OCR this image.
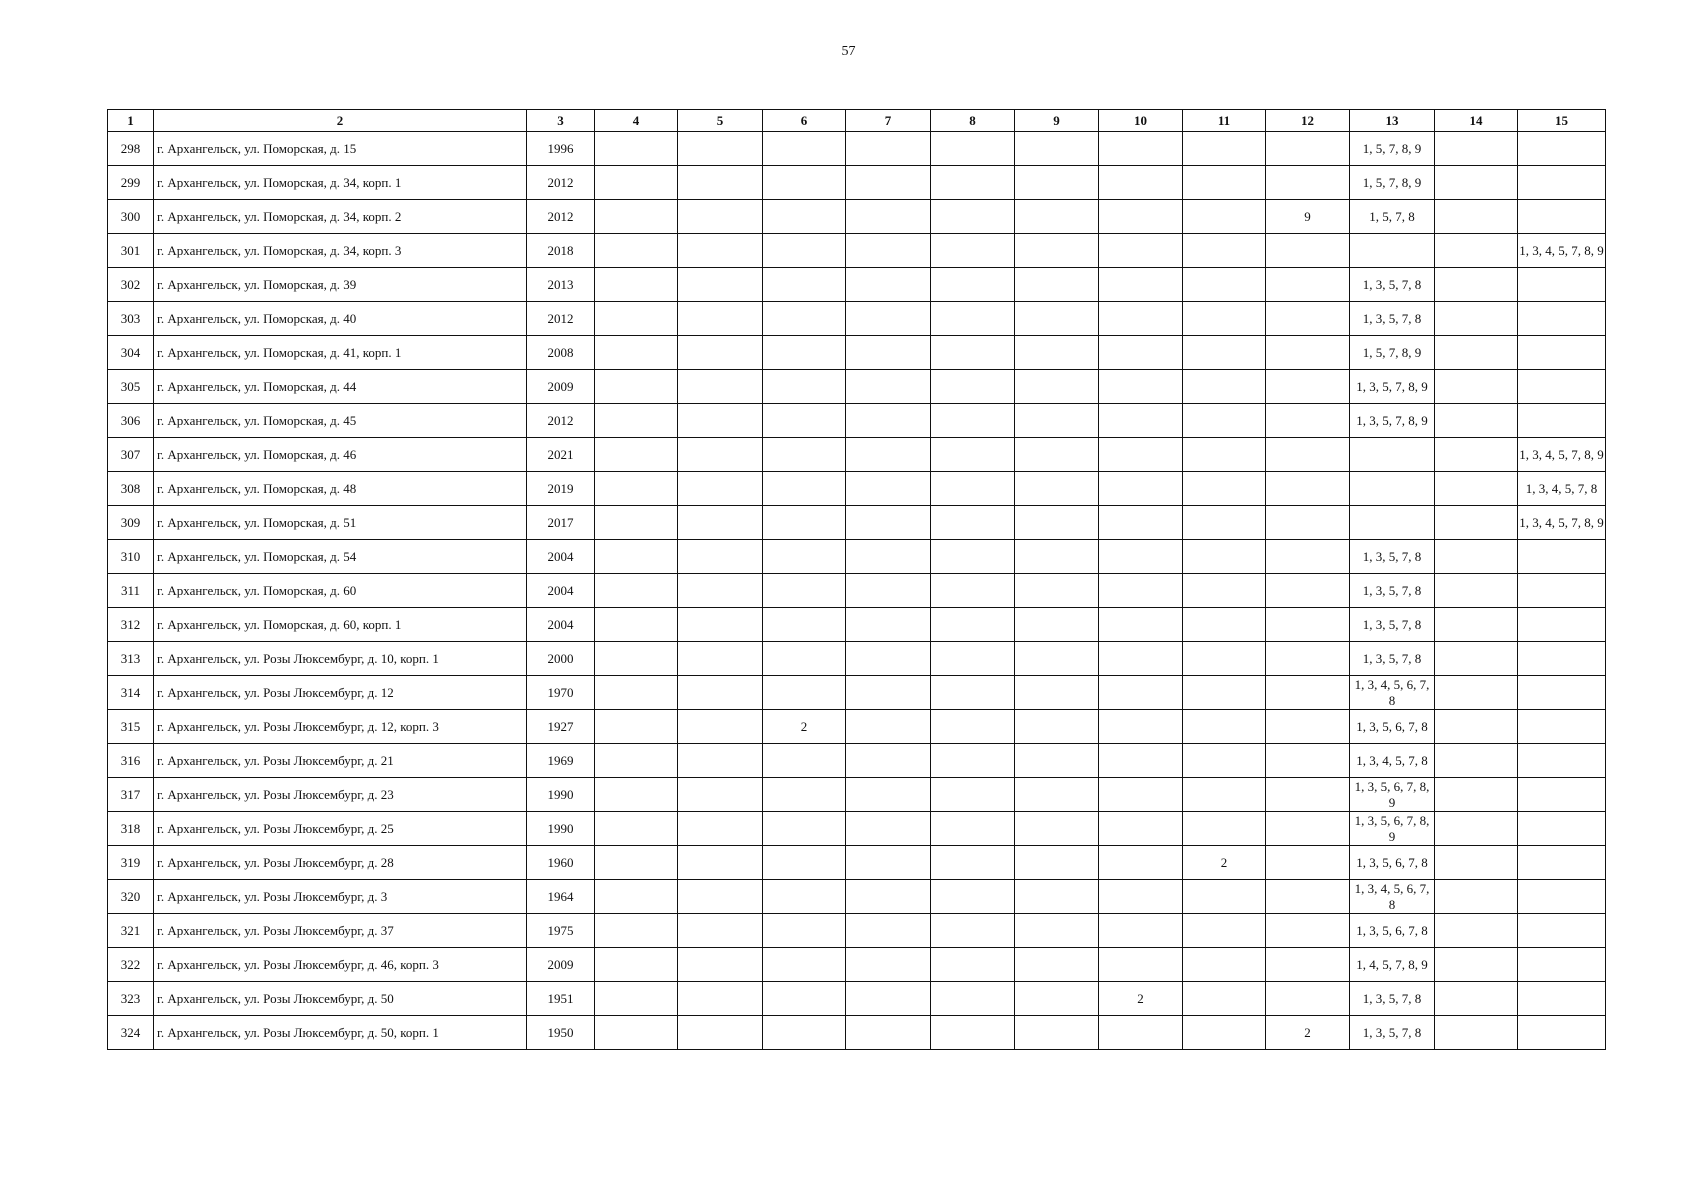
57
1	2	3	4	5	6	7	8	9	10	11	12	13	14	15
298	г. Архангельск, ул. Поморская, д. 15	1996										1, 5, 7, 8, 9		
299	г. Архангельск, ул. Поморская, д. 34, корп. 1	2012										1, 5, 7, 8, 9		
300	г. Архангельск, ул. Поморская, д. 34, корп. 2	2012									9	1, 5, 7, 8		
301	г. Архангельск, ул. Поморская, д. 34, корп. 3	2018												1, 3, 4, 5, 7, 8, 9
302	г. Архангельск, ул. Поморская, д. 39	2013										1, 3, 5, 7, 8		
303	г. Архангельск, ул. Поморская, д. 40	2012										1, 3, 5, 7, 8		
304	г. Архангельск, ул. Поморская, д. 41, корп. 1	2008										1, 5, 7, 8, 9		
305	г. Архангельск, ул. Поморская, д. 44	2009										1, 3, 5, 7, 8, 9		
306	г. Архангельск, ул. Поморская, д. 45	2012										1, 3, 5, 7, 8, 9		
307	г. Архангельск, ул. Поморская, д. 46	2021												1, 3, 4, 5, 7, 8, 9
308	г. Архангельск, ул. Поморская, д. 48	2019												1, 3, 4, 5, 7, 8
309	г. Архангельск, ул. Поморская, д. 51	2017												1, 3, 4, 5, 7, 8, 9
310	г. Архангельск, ул. Поморская, д. 54	2004										1, 3, 5, 7, 8		
311	г. Архангельск, ул. Поморская, д. 60	2004										1, 3, 5, 7, 8		
312	г. Архангельск, ул. Поморская, д. 60, корп. 1	2004										1, 3, 5, 7, 8		
313	г. Архангельск, ул. Розы Люксембург, д. 10, корп. 1	2000										1, 3, 5, 7, 8		
314	г. Архангельск, ул. Розы Люксембург, д. 12	1970										1, 3, 4, 5, 6, 7, 8		
315	г. Архангельск, ул. Розы Люксембург, д. 12, корп. 3	1927			2							1, 3, 5, 6, 7, 8		
316	г. Архангельск, ул. Розы Люксембург, д. 21	1969										1, 3, 4, 5, 7, 8		
317	г. Архангельск, ул. Розы Люксембург, д. 23	1990										1, 3, 5, 6, 7, 8, 9		
318	г. Архангельск, ул. Розы Люксембург, д. 25	1990										1, 3, 5, 6, 7, 8, 9		
319	г. Архангельск, ул. Розы Люксембург, д. 28	1960								2		1, 3, 5, 6, 7, 8		
320	г. Архангельск, ул. Розы Люксембург, д. 3	1964										1, 3, 4, 5, 6, 7, 8		
321	г. Архангельск, ул. Розы Люксембург, д. 37	1975										1, 3, 5, 6, 7, 8		
322	г. Архангельск, ул. Розы Люксембург, д. 46, корп. 3	2009										1, 4, 5, 7, 8, 9		
323	г. Архангельск, ул. Розы Люксембург, д. 50	1951							2			1, 3, 5, 7, 8		
324	г. Архангельск, ул. Розы Люксембург, д. 50, корп. 1	1950									2	1, 3, 5, 7, 8		
